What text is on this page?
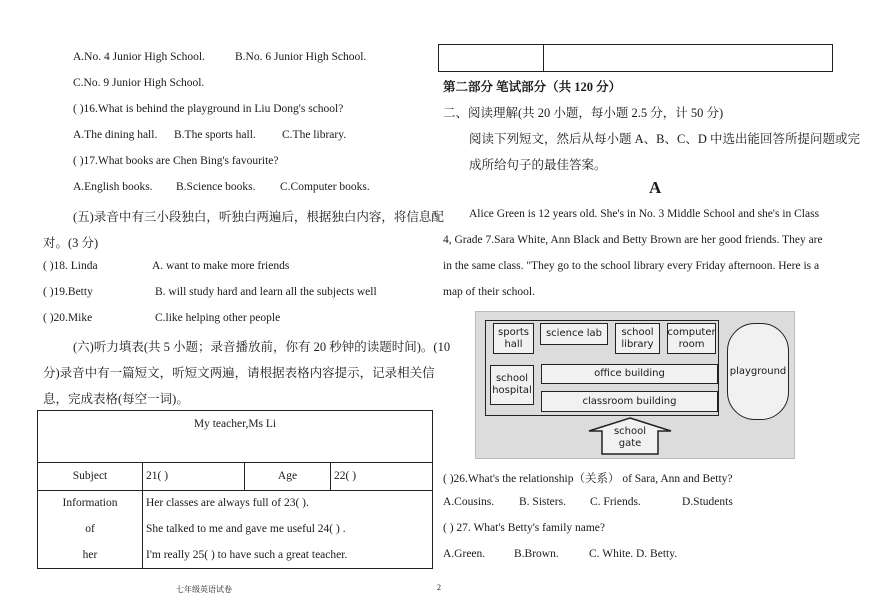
A.No. 4 Junior High School.	B.No. 6 Junior High School.
C.No. 9 Junior High School.
( )16.What is behind the playground in Liu Dong's school?
A.The dining hall. B.The sports hall. C.The library.
( )17.What books are Chen Bing's favourite?
A.English books. B.Science books. C.Computer books.
(五)录音中有三小段独白，听独白两遍后，根据独白内容，将信息配
对。(3 分)
( )18. Linda	A. want to make more friends
( )19.Betty	B. will study hard and learn all the subjects well
( )20.Mike	C.like helping other people
(六)听力填表(共 5 小题；录音播放前，你有 20 秒钟的读题时间)。(10
分)录音中有一篇短文，听短文两遍，请根据表格内容提示，记录相关信
息，完成表格(每空一词)。
My teacher,Ms Li
Subject	21( )	Age	22( )
Information
of
her
Her classes are always full of 23( ).
She talked to me and gave me useful 24( ) .
I'm really 25( ) to have such a great teacher.
七年级英语试卷	2
第二部分 笔试部分（共 120 分）
二、阅读理解(共 20 小题，每小题 2.5 分，计 50 分)
阅读下列短文，然后从每小题 A、B、C、D 中选出能回答所提问题或完
成所给句子的最佳答案。
A
Alice Green is 12 years old. She's in No. 3 Middle School and she's in Class
4, Grade 7.Sara White, Ann Black and Betty Brown are her good friends. They are
in the same class. "They go to the school library every Friday afternoon. Here is a
map of their school.
sports
hall
science lab	school
library
computer
room
playground
school
hospital
office building
classroom building
school
gate
( )26.What's the relationship（关系） of Sara, Ann and Betty?
A.Cousins. B. Sisters. C. Friends.	D.Students
( ) 27. What's Betty's family name?
A.Green.	B.Brown.	C. White. D. Betty.
